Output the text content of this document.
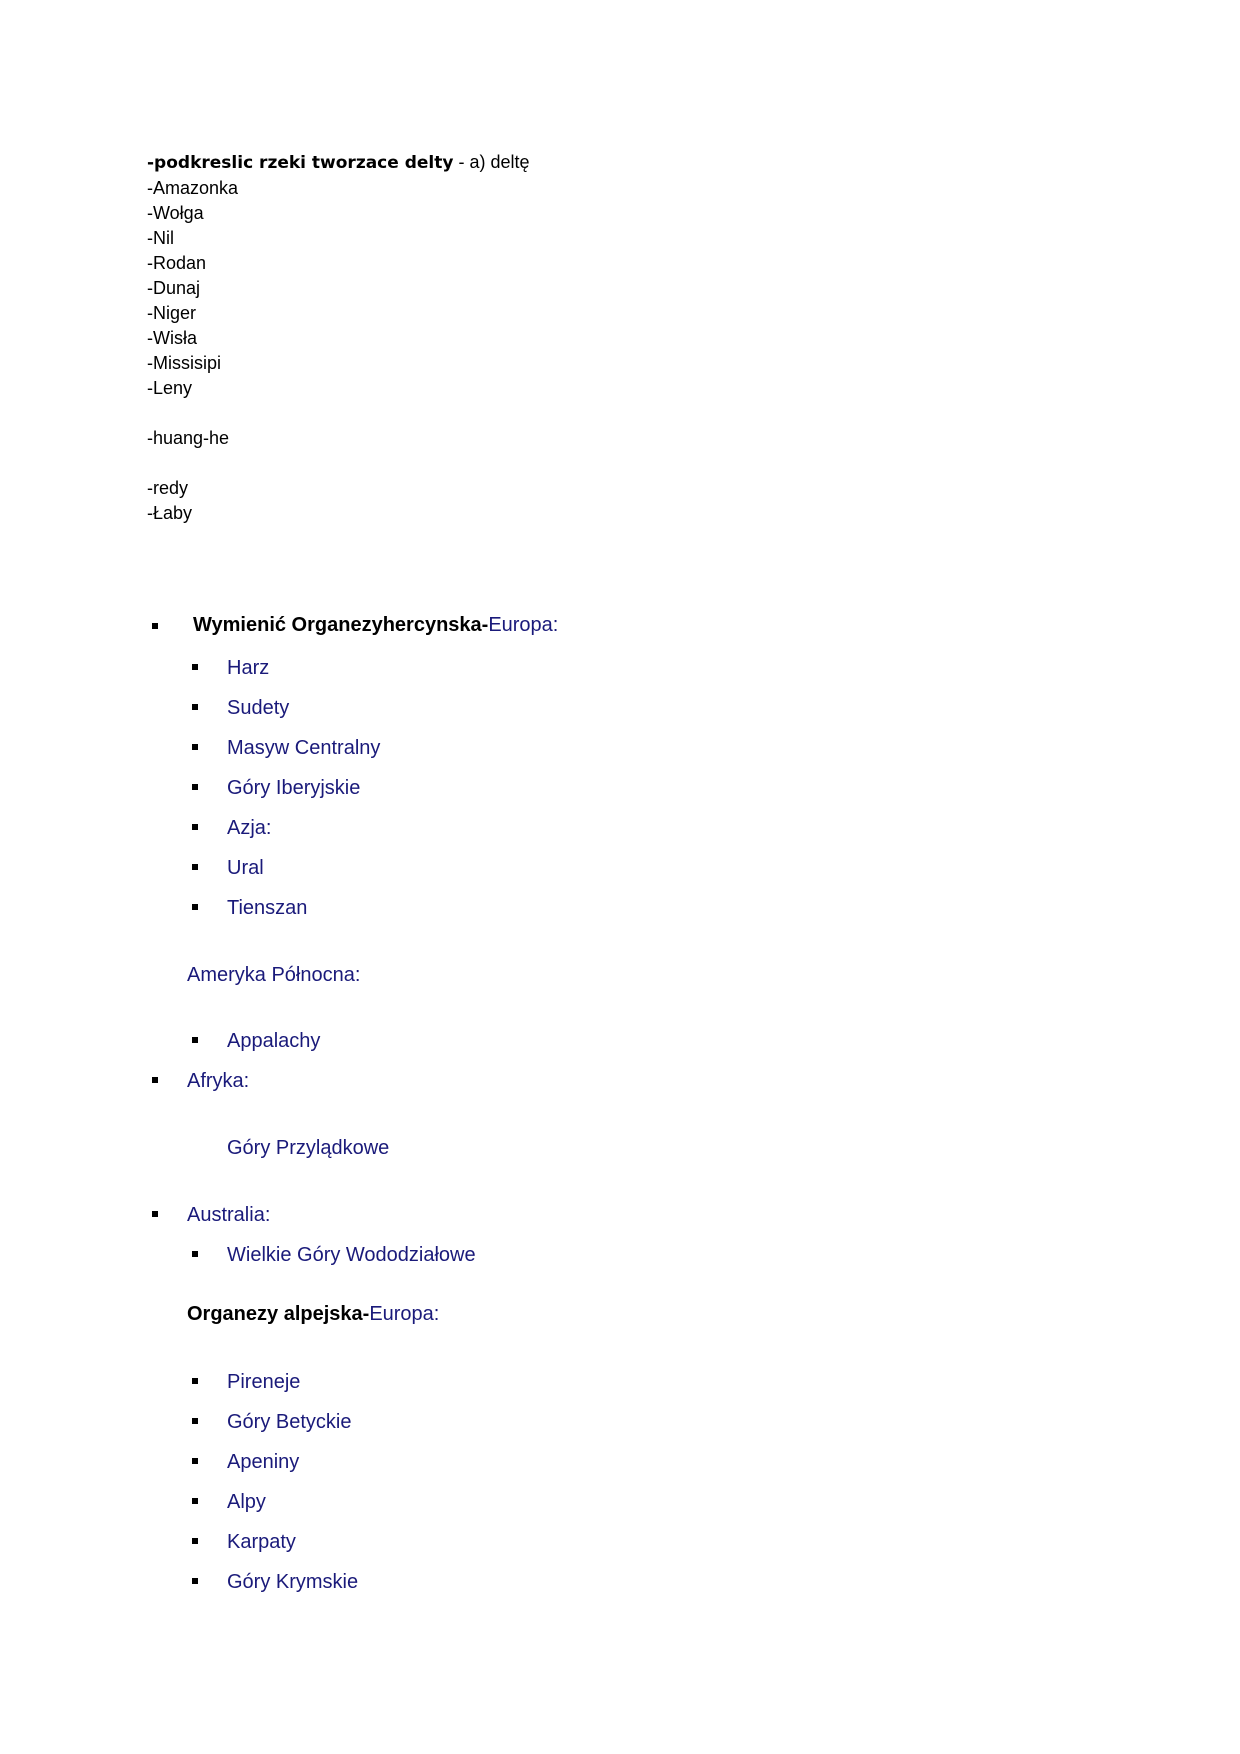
-podkreslic rzeki tworzace delty - a) deltę
-Amazonka
-Wołga
-Nil
-Rodan
-Dunaj
-Niger
-Wisła
-Missisipi
-Leny
-huang-he
-redy
-Łaby
Wymienić Organezyhercynska-Europa:
Harz
Sudety
Masyw Centralny
Góry Iberyjskie
Azja:
Ural
Tienszan
Ameryka Północna:
Appalachy
Afryka:
Góry Przylądkowe
Australia:
Wielkie Góry Wododziałowe
Organezy alpejska-Europa:
Pireneje
Góry Betyckie
Apeniny
Alpy
Karpaty
Góry Krymskie
